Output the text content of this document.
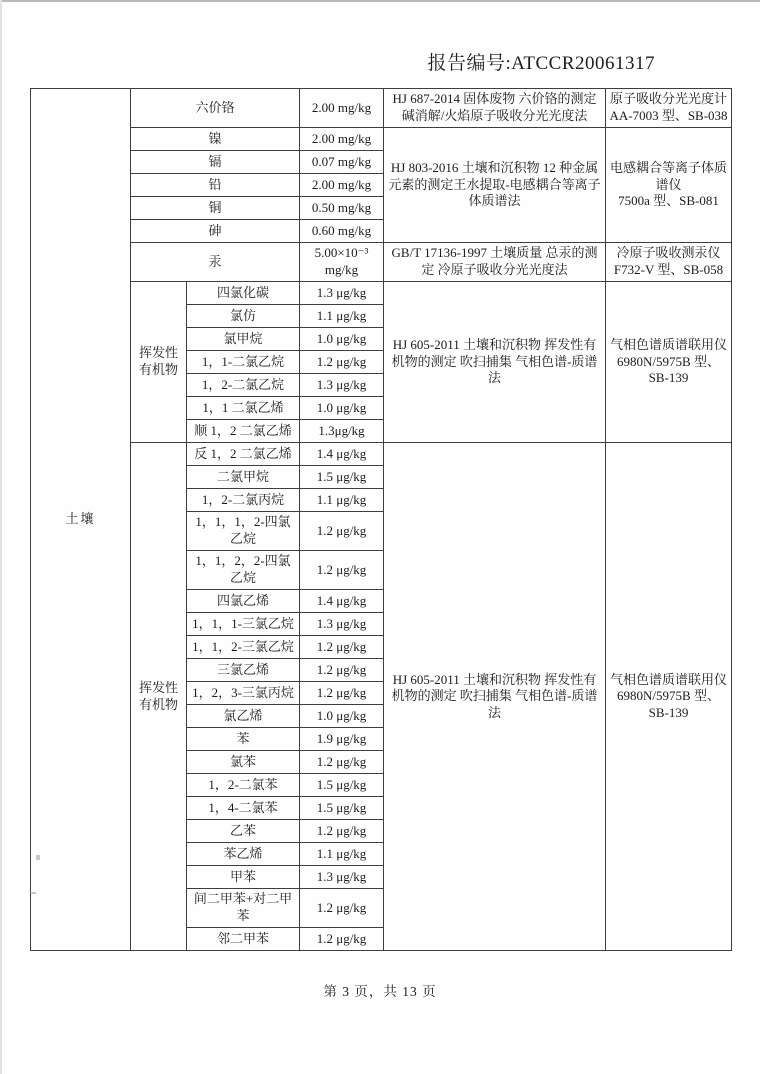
报告编号:ATCCR20061317
土壤	六价铬		2.00 mg/kg	HJ 687-2014 固体废物 六价铬的测定 碱消解/火焰原子吸收分光光度法	原子吸收分光光度计 AA-7003 型、SB-038
	镍		2.00 mg/kg	HJ 803-2016 土壤和沉积物 12 种金属元素的测定王水提取-电感耦合等离子体质谱法	电感耦合等离子体质谱仪
7500a 型、SB-081
	镉		0.07 mg/kg		
	铅		2.00 mg/kg		
	铜		0.50 mg/kg		
	砷		0.60 mg/kg		
	汞		5.00×10⁻³
mg/kg	GB/T 17136-1997 土壤质量 总汞的测定 冷原子吸收分光光度法	冷原子吸收测汞仪
F732-V 型、SB-058
	挥发性
有机物	四氯化碳	1.3 μg/kg	HJ 605-2011 土壤和沉积物 挥发性有机物的测定 吹扫捕集 气相色谱-质谱法	气相色谱质谱联用仪
6980N/5975B 型、
SB-139
		氯仿	1.1 μg/kg		
		氯甲烷	1.0 μg/kg		
		1，1-二氯乙烷	1.2 μg/kg		
		1，2-二氯乙烷	1.3 μg/kg		
		1，1 二氯乙烯	1.0 μg/kg		
		顺 1，2 二氯乙烯	1.3μg/kg		
	挥发性
有机物	反 1，2 二氯乙烯	1.4 μg/kg	HJ 605-2011 土壤和沉积物 挥发性有机物的测定 吹扫捕集 气相色谱-质谱法	气相色谱质谱联用仪
6980N/5975B 型、
SB-139
		二氯甲烷	1.5 μg/kg		
		1，2-二氯丙烷	1.1 μg/kg		
		1，1，1，2-四氯乙烷	1.2 μg/kg		
		1，1，2，2-四氯乙烷	1.2 μg/kg		
		四氯乙烯	1.4 μg/kg		
		1，1，1-三氯乙烷	1.3 μg/kg		
		1，1，2-三氯乙烷	1.2 μg/kg		
		三氯乙烯	1.2 μg/kg		
		1，2，3-三氯丙烷	1.2 μg/kg		
		氯乙烯	1.0 μg/kg		
		苯	1.9 μg/kg		
		氯苯	1.2 μg/kg		
		1，2-二氯苯	1.5 μg/kg		
		1，4-二氯苯	1.5 μg/kg		
		乙苯	1.2 μg/kg		
		苯乙烯	1.1 μg/kg		
		甲苯	1.3 μg/kg		
		间二甲苯+对二甲苯	1.2 μg/kg		
		邻二甲苯	1.2 μg/kg		
第 3 页，共 13 页
